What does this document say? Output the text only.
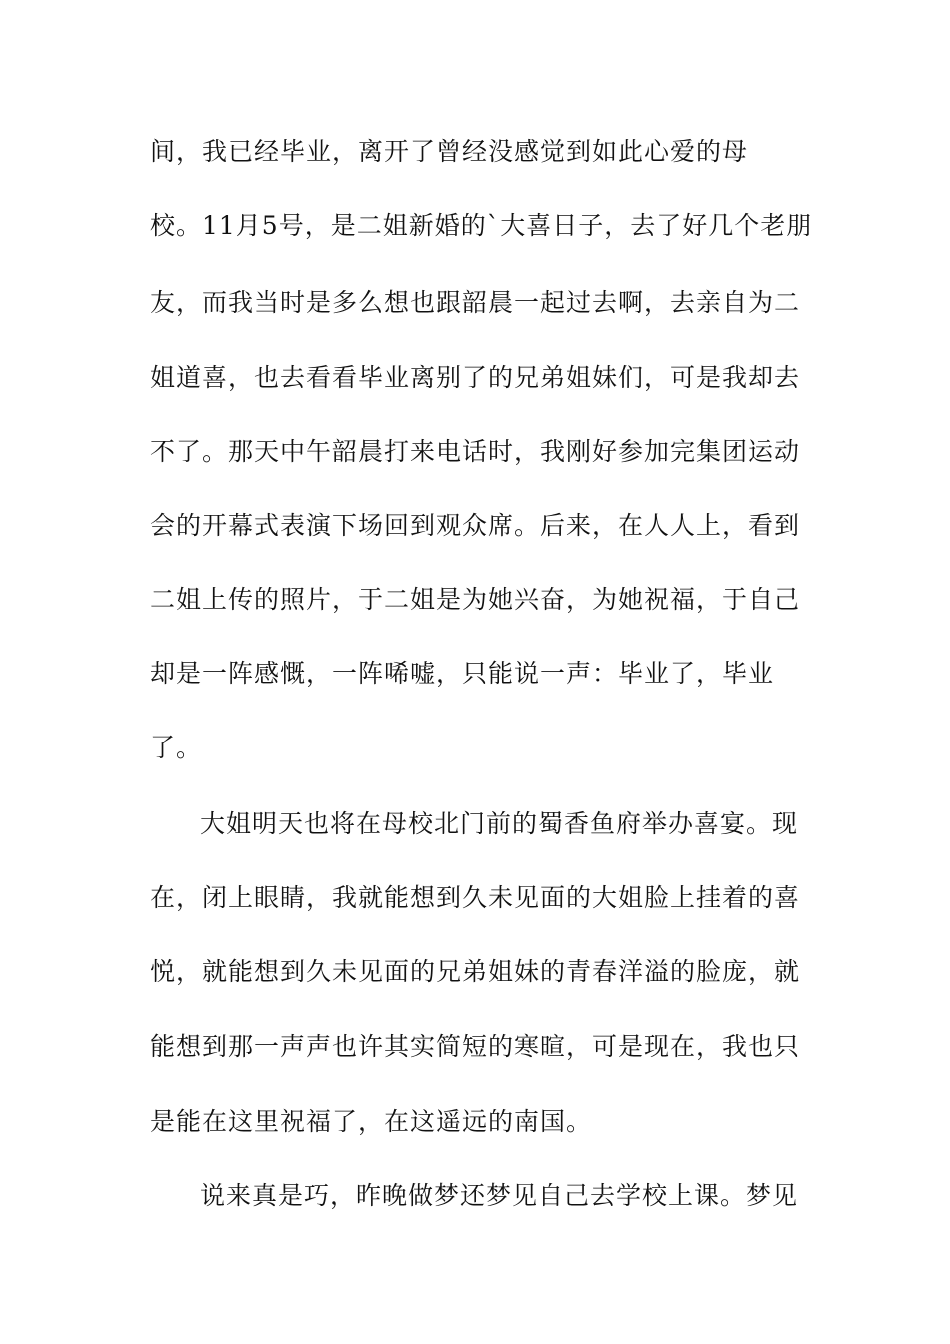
间，我已经毕业，离开了曾经没感觉到如此心爱的母
校。11月5号，是二姐新婚的`大喜日子，去了好几个老朋
友，而我当时是多么想也跟韶晨一起过去啊，去亲自为二
姐道喜，也去看看毕业离别了的兄弟姐妹们，可是我却去
不了。那天中午韶晨打来电话时，我刚好参加完集团运动
会的开幕式表演下场回到观众席。后来，在人人上，看到
二姐上传的照片，于二姐是为她兴奋，为她祝福，于自己
却是一阵感慨，一阵唏嘘，只能说一声：毕业了，毕业
了。
大姐明天也将在母校北门前的蜀香鱼府举办喜宴。现
在，闭上眼睛，我就能想到久未见面的大姐脸上挂着的喜
悦，就能想到久未见面的兄弟姐妹的青春洋溢的脸庞，就
能想到那一声声也许其实简短的寒暄，可是现在，我也只
是能在这里祝福了，在这遥远的南国。
说来真是巧，昨晚做梦还梦见自己去学校上课。梦见
